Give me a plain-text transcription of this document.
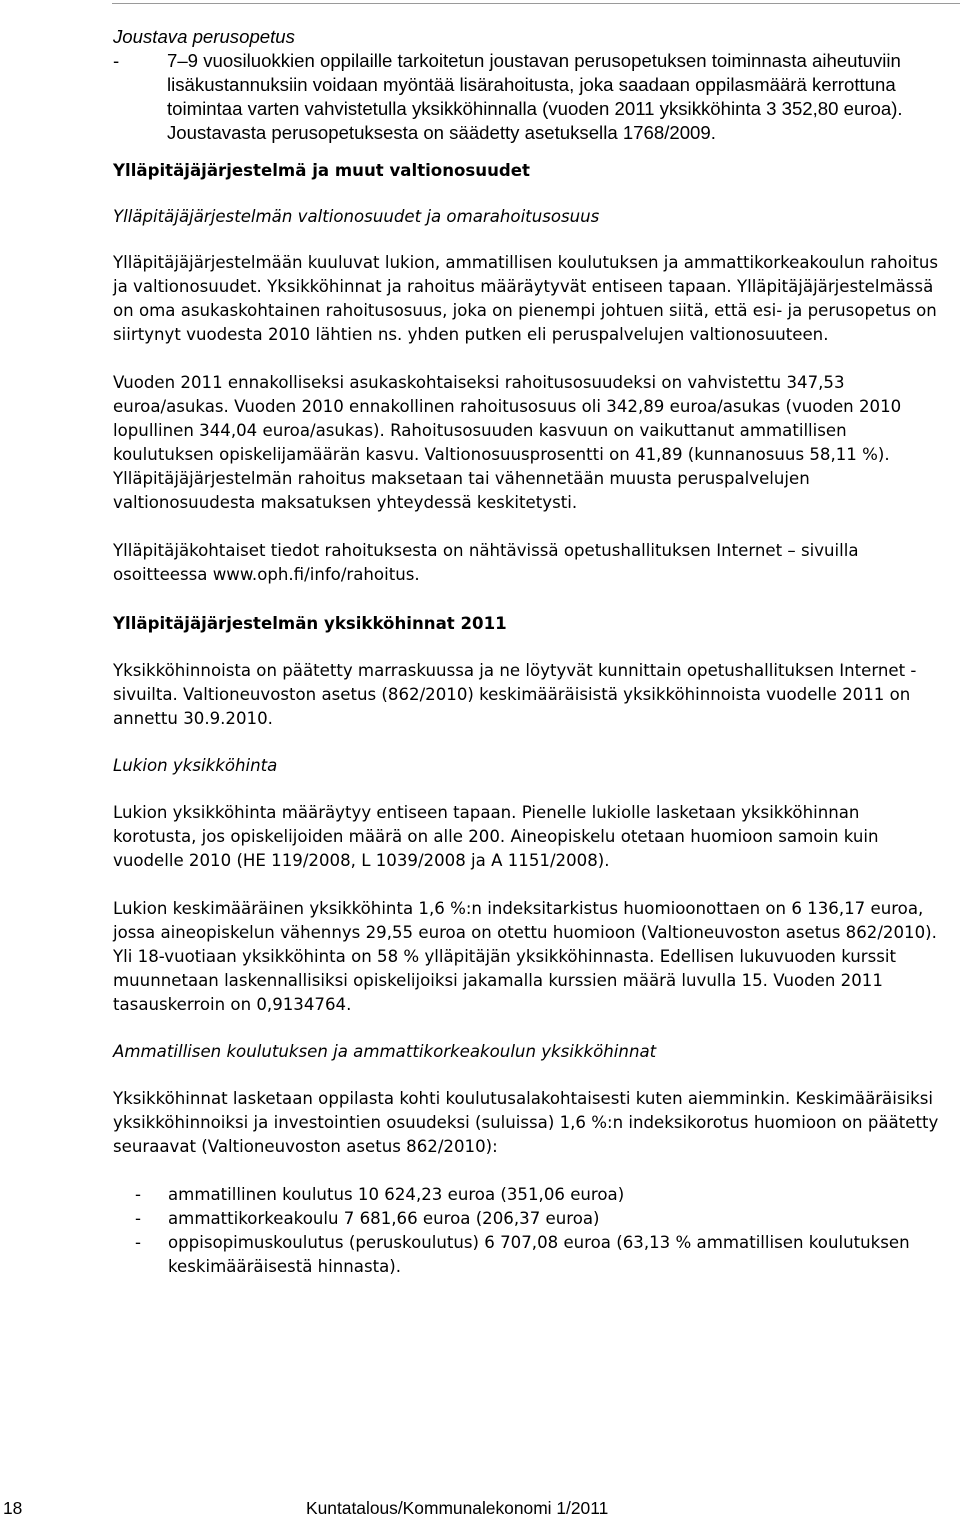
Joustava perusopetus

-	7–9 vuosiluokkien oppilaille tarkoitetun joustavan perusopetuksen toiminnasta aiheutuviin lisäkustannuksiin voidaan myöntää lisärahoitusta, joka saadaan oppilasmäärä kerrottuna toimintaa varten vahvistetulla yksikköhinnalla (vuoden 2011 yksikköhinta 3 352,80 euroa). Joustavasta perusopetuksesta on säädetty asetuksella 1768/2009.

Ylläpitäjäjärjestelmä ja muut valtionosuudet

Ylläpitäjäjärjestelmän valtionosuudet ja omarahoitusosuus

Ylläpitäjäjärjestelmään kuuluvat lukion, ammatillisen koulutuksen ja ammattikorkeakoulun rahoitus ja valtionosuudet. Yksikköhinnat ja rahoitus määräytyvät entiseen tapaan. Ylläpitäjäjärjestelmässä on oma asukaskohtainen rahoitusosuus, joka on pienempi johtuen siitä, että esi- ja perusopetus on siirtynyt vuodesta 2010 lähtien ns. yhden putken eli peruspalvelujen valtionosuuteen.

Vuoden 2011 ennakolliseksi asukaskohtaiseksi rahoitusosuudeksi on vahvistettu 347,53 euroa/asukas. Vuoden 2010 ennakollinen rahoitusosuus oli 342,89 euroa/asukas (vuoden 2010 lopullinen 344,04 euroa/asukas). Rahoitusosuuden kasvuun on vaikuttanut ammatillisen koulutuksen opiskelijamäärän kasvu. Valtionosuusprosentti on 41,89 (kunnanosuus 58,11 %). Ylläpitäjäjärjestelmän rahoitus maksetaan tai vähennetään muusta peruspalvelujen valtionosuudesta maksatuksen yhteydessä keskitetysti.

Ylläpitäjäkohtaiset tiedot rahoituksesta on nähtävissä opetushallituksen Internet – sivuilla osoitteessa www.oph.fi/info/rahoitus.

Ylläpitäjäjärjestelmän yksikköhinnat 2011

Yksikköhinnoista on päätetty marraskuussa ja ne löytyvät kunnittain opetushallituksen Internet -sivuilta. Valtioneuvoston asetus (862/2010) keskimääräisistä yksikköhinnoista vuodelle 2011 on annettu 30.9.2010.

Lukion yksikköhinta

Lukion yksikköhinta määräytyy entiseen tapaan. Pienelle lukiolle lasketaan yksikköhinnan korotusta, jos opiskelijoiden määrä on alle 200. Aineopiskelu otetaan huomioon samoin kuin vuodelle 2010 (HE 119/2008, L 1039/2008 ja A 1151/2008).

Lukion keskimääräinen yksikköhinta 1,6 %:n indeksitarkistus huomioonottaen on 6 136,17 euroa, jossa aineopiskelun vähennys 29,55 euroa on otettu huomioon (Valtioneuvoston asetus 862/2010). Yli 18-vuotiaan yksikköhinta on 58 % ylläpitäjän yksikköhinnasta. Edellisen lukuvuoden kurssit muunnetaan laskennallisiksi opiskelijoiksi jakamalla kurssien määrä luvulla 15. Vuoden 2011 tasauskerroin on 0,9134764.

Ammatillisen koulutuksen ja ammattikorkeakoulun yksikköhinnat

Yksikköhinnat lasketaan oppilasta kohti koulutusalakohtaisesti kuten aiemminkin. Keskimääräisiksi yksikköhinnoiksi ja investointien osuudeksi (suluissa) 1,6 %:n indeksikorotus huomioon on päätetty seuraavat (Valtioneuvoston asetus 862/2010):

-	ammatillinen koulutus 10 624,23 euroa (351,06 euroa)
-	ammattikorkeakoulu 7 681,66 euroa (206,37 euroa)
-	oppisopimuskoulutus (peruskoulutus) 6 707,08 euroa (63,13 % ammatillisen koulutuksen keskimääräisestä hinnasta).
18	Kuntatalous/Kommunalekonomi 1/2011
